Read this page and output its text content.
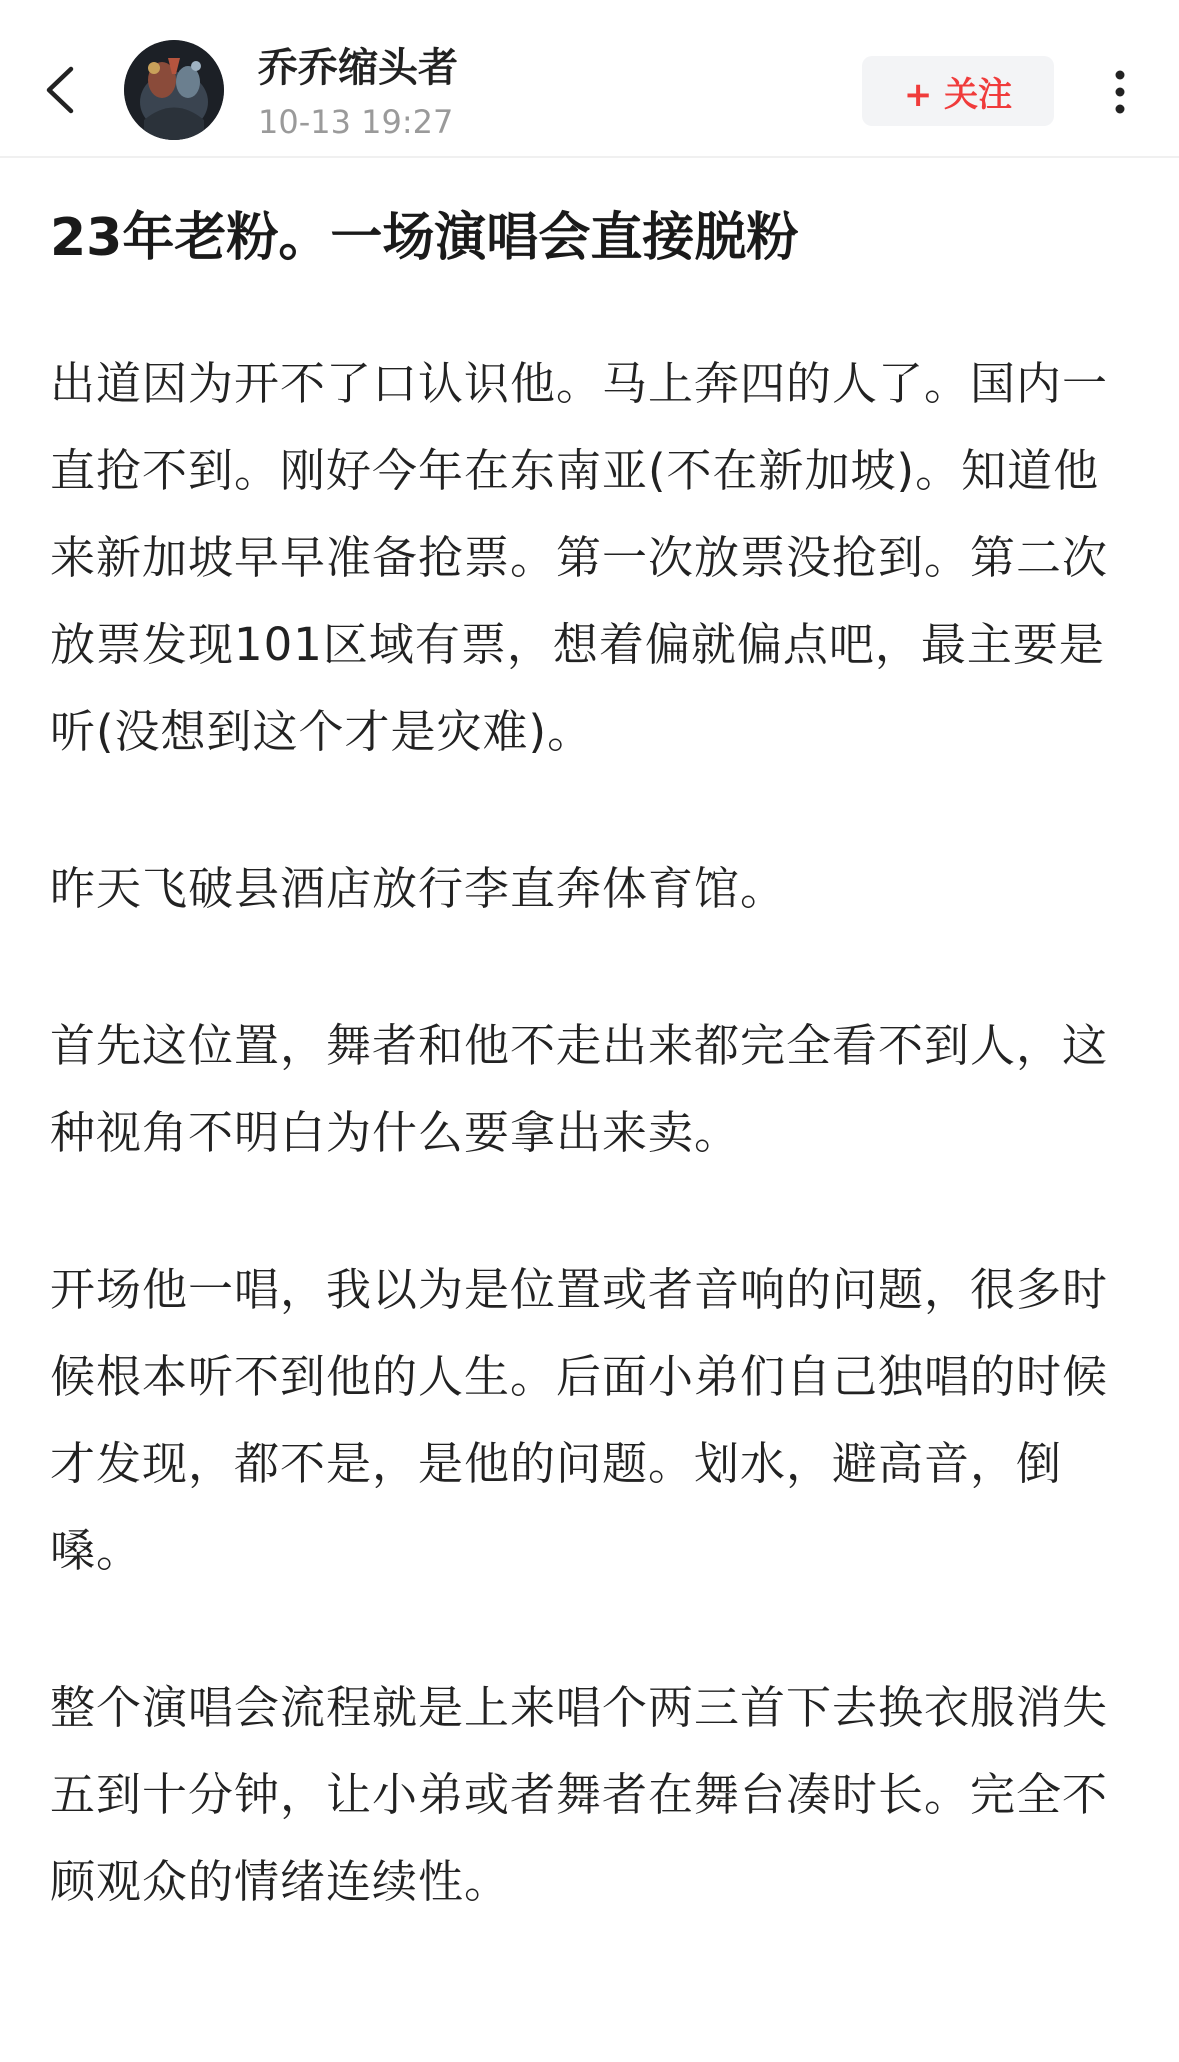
乔乔缩头者
10-13 19:27
+ 关注
23年老粉。一场演唱会直接脱粉

出道因为开不了口认识他。马上奔四的人了。国内一直抢不到。刚好今年在东南亚(不在新加坡)。知道他来新加坡早早准备抢票。第一次放票没抢到。第二次放票发现101区域有票，想着偏就偏点吧，最主要是听(没想到这个才是灾难)。

昨天飞破县酒店放行李直奔体育馆。

首先这位置，舞者和他不走出来都完全看不到人，这种视角不明白为什么要拿出来卖。

开场他一唱，我以为是位置或者音响的问题，很多时候根本听不到他的人生。后面小弟们自己独唱的时候才发现，都不是，是他的问题。划水，避高音，倒嗓。

整个演唱会流程就是上来唱个两三首下去换衣服消失五到十分钟，让小弟或者舞者在舞台凑时长。完全不顾观众的情绪连续性。
